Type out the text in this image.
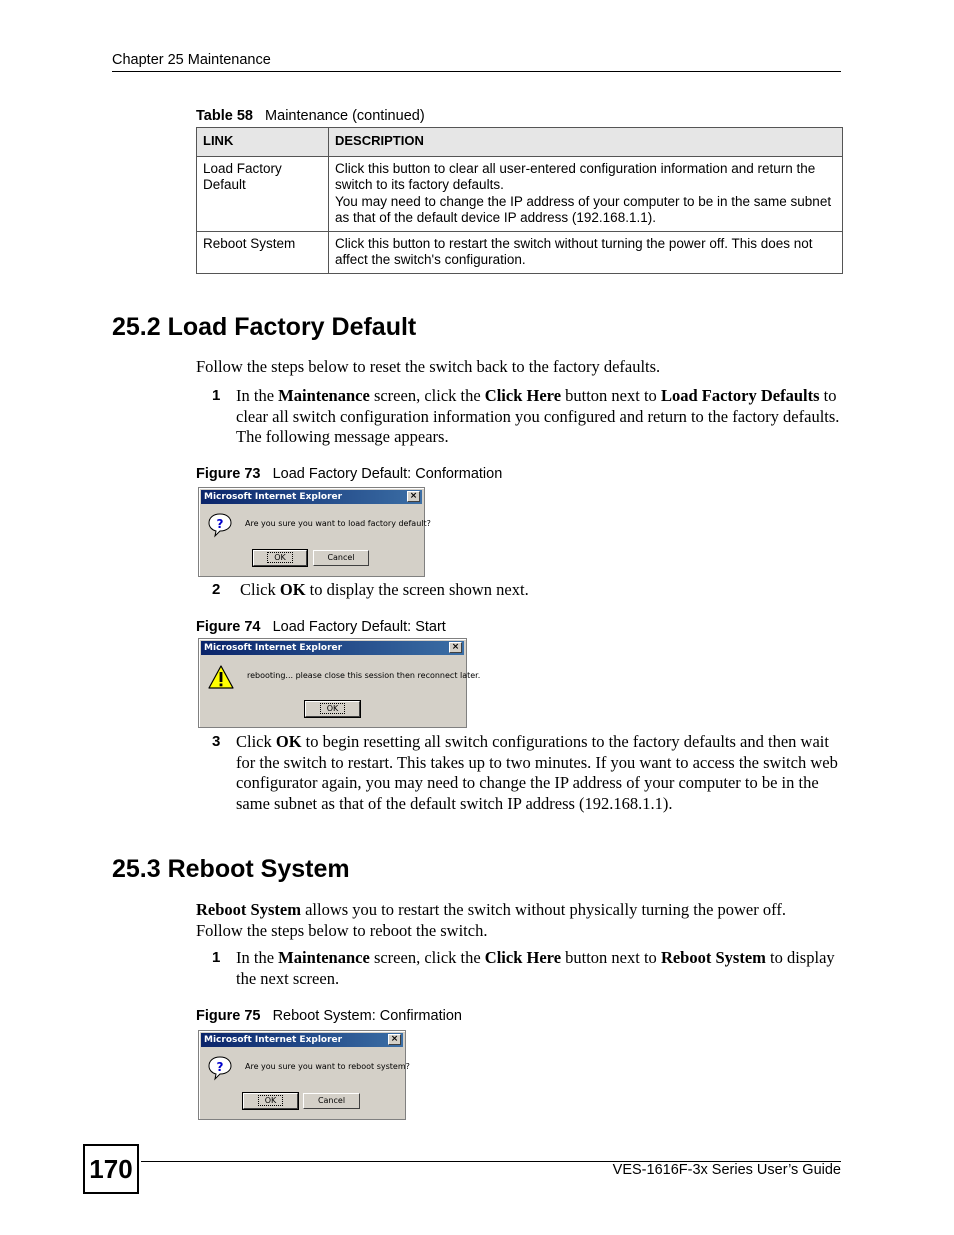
Chapter 25 Maintenance
Table 58 Maintenance (continued)
LINK	DESCRIPTION
Load Factory Default	Click this button to clear all user-entered configuration information and return the switch to its factory defaults.

You may need to change the IP address of your computer to be in the same subnet as that of the default device IP address (192.168.1.1).

Reboot System	Click this button to restart the switch without turning the power off. This does not affect the switch's configuration.

25.2 Load Factory Default
Follow the steps below to reset the switch back to the factory defaults.
1 In the Maintenance screen, click the Click Here button next to Load Factory Defaults to clear all switch configuration information you configured and return to the factory defaults. The following message appears.
Figure 73 Load Factory Default: Conformation
Microsoft Internet Explorer	×
?	Are you sure you want to load factory default?
OK	Cancel
2 Click OK to display the screen shown next.
Figure 74 Load Factory Default: Start
Microsoft Internet Explorer	×
rebooting... please close this session then reconnect later.
OK
3 Click OK to begin resetting all switch configurations to the factory defaults and then wait for the switch to restart. This takes up to two minutes. If you want to access the switch web configurator again, you may need to change the IP address of your computer to be in the same subnet as that of the default switch IP address (192.168.1.1).
25.3 Reboot System
Reboot System allows you to restart the switch without physically turning the power off. Follow the steps below to reboot the switch.
1 In the Maintenance screen, click the Click Here button next to Reboot System to display the next screen.
Figure 75 Reboot System: Confirmation
Microsoft Internet Explorer	×
?	Are you sure you want to reboot system?
OK	Cancel
170	VES-1616F-3x Series User’s Guide
